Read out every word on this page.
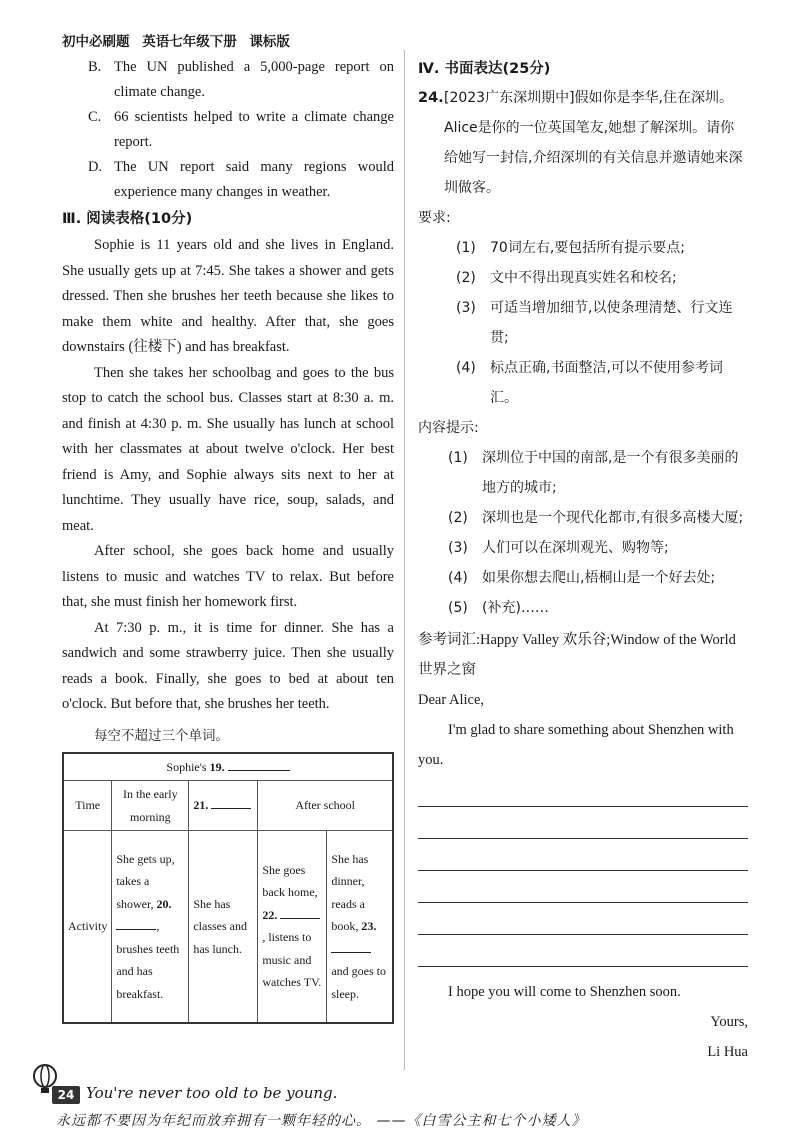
初中必刷题 英语七年级下册 课标版
B. The UN published a 5,000-page report on climate change.
C. 66 scientists helped to write a climate change report.
D. The UN report said many regions would experience many changes in weather.
Ⅲ. 阅读表格(10分)

Sophie is 11 years old and she lives in England. She usually gets up at 7:45. She takes a shower and gets dressed. Then she brushes her teeth because she likes to make them white and healthy. After that, she goes downstairs (往楼下) and has breakfast.

Then she takes her schoolbag and goes to the bus stop to catch the school bus. Classes start at 8:30 a. m. and finish at 4:30 p. m. She usually has lunch at school with her classmates at about twelve o'clock. Her best friend is Amy, and Sophie always sits next to her at lunchtime. They usually have rice, soup, salads, and meat.

After school, she goes back home and usually listens to music and watches TV to relax. But before that, she must finish her homework first.

At 7:30 p. m., it is time for dinner. She has a sandwich and some strawberry juice. Then she usually reads a book. Finally, she goes to bed at about ten o'clock. But before that, she brushes her teeth.

每空不超过三个单词。
Sophie's 19.				
Time	In the early morning	21.	After school	
Activity	She gets up, takes a shower, 20. , brushes teeth and has breakfast.	She has classes and has lunch.	She goes back home, 22. , listens to music and watches TV.	She has dinner, reads a book, 23.  and goes to sleep.
Ⅳ. 书面表达(25分)
24. [2023广东深圳期中]假如你是李华,住在深圳。Alice是你的一位英国笔友,她想了解深圳。请你给她写一封信,介绍深圳的有关信息并邀请她来深圳做客。
要求:
(1)	70词左右,要包括所有提示要点;
(2)	文中不得出现真实姓名和校名;
(3)	可适当增加细节,以使条理清楚、行文连贯;
(4)	标点正确,书面整洁,可以不使用参考词汇。
内容提示:
(1)	深圳位于中国的南部,是一个有很多美丽的地方的城市;
(2)	深圳也是一个现代化都市,有很多高楼大厦;
(3)	人们可以在深圳观光、购物等;
(4)	如果你想去爬山,梧桐山是一个好去处;
(5)	(补充)……
参考词汇:Happy Valley 欢乐谷;Window of the World 世界之窗
Dear Alice,
I'm glad to share something about Shenzhen with you.
I hope you will come to Shenzhen soon.
Yours,
Li Hua
24 You're never too old to be young.
永远都不要因为年纪而放弃拥有一颗年轻的心。 ——《白雪公主和七个小矮人》
